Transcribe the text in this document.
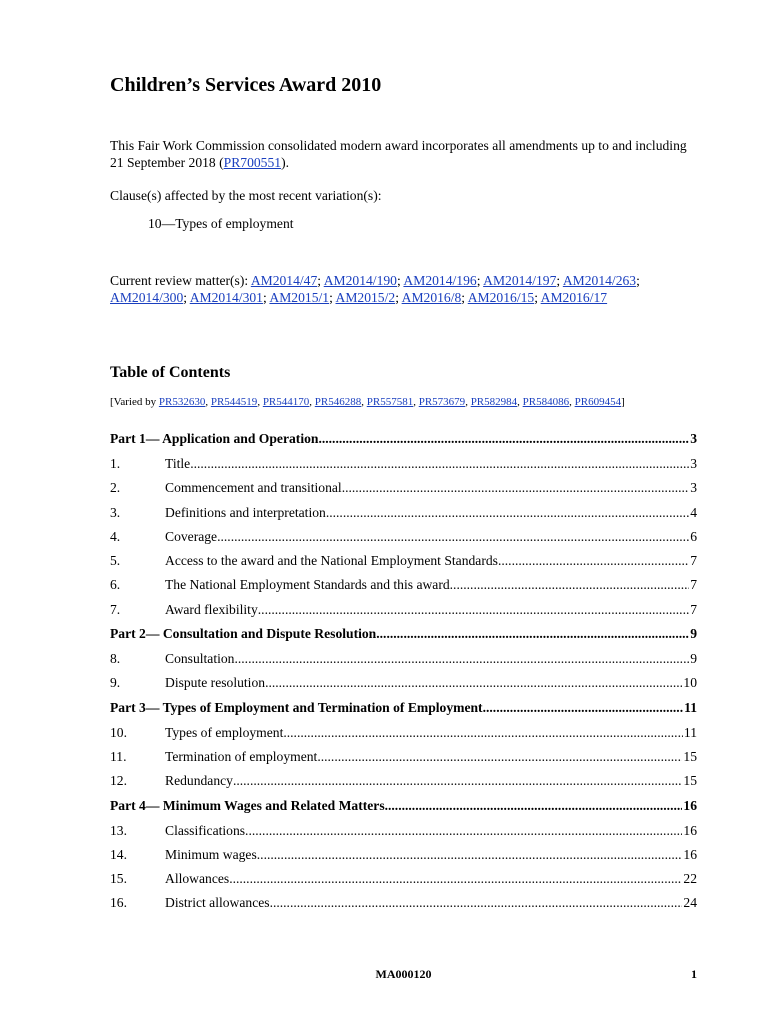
Children’s Services Award 2010

This Fair Work Commission consolidated modern award incorporates all amendments up to and including 21 September 2018 (PR700551).

Clause(s) affected by the most recent variation(s):

10—Types of employment

Current review matter(s): AM2014/47; AM2014/190; AM2014/196; AM2014/197; AM2014/263; AM2014/300; AM2014/301; AM2015/1; AM2015/2; AM2016/8; AM2016/15; AM2016/17

Table of Contents

[Varied by PR532630, PR544519, PR544170, PR546288, PR557581, PR573679, PR582984, PR584086, PR609454]

Part 1— Application and Operation .....	3
1.	Title .....	3
2.	Commencement and transitional .....	3
3.	Definitions and interpretation .....	4
4.	Coverage .....	6
5.	Access to the award and the National Employment Standards .....	7
6.	The National Employment Standards and this award .....	7
7.	Award flexibility .....	7
Part 2— Consultation and Dispute Resolution .....	9
8.	Consultation .....	9
9.	Dispute resolution .....	10
Part 3— Types of Employment and Termination of Employment .....	11
10.	Types of employment .....	11
11.	Termination of employment .....	15
12.	Redundancy .....	15
Part 4— Minimum Wages and Related Matters .....	16
13.	Classifications .....	16
14.	Minimum wages .....	16
15.	Allowances .....	22
16.	District allowances .....	24
MA000120	1
